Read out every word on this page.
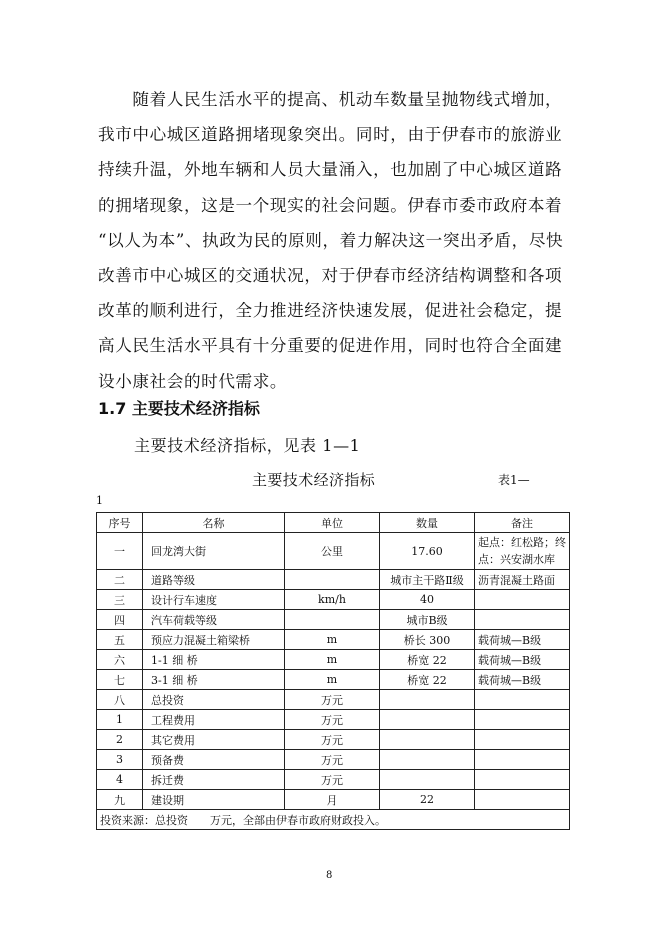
　　随着人民生活水平的提高、机动车数量呈抛物线式增加，

我市中心城区道路拥堵现象突出。同时，由于伊春市的旅游业

持续升温，外地车辆和人员大量涌入，也加剧了中心城区道路

的拥堵现象，这是一个现实的社会问题。伊春市委市政府本着

“以人为本”、执政为民的原则，着力解决这一突出矛盾，尽快

改善市中心城区的交通状况，对于伊春市经济结构调整和各项

改革的顺利进行，全力推进经济快速发展，促进社会稳定，提

高人民生活水平具有十分重要的促进作用，同时也符合全面建

设小康社会的时代需求。

1.7 主要技术经济指标
主要技术经济指标，见表 1—1
主要技术经济指标	表1—
1
序号	名称	单位	数量	备注
一	回龙湾大街	公里	17.60	起点：红松路；终点：兴安湖水库
二	道路等级		城市主干路Ⅱ级	沥青混凝土路面
三	设计行车速度	km/h	40	
四	汽车荷载等级		城市B级	
五	预应力混凝土箱梁桥	m	桥长 300	载荷城—B级
六	1-1 细 桥	m	桥宽 22	载荷城—B级
七	3-1 细 桥	m	桥宽 22	载荷城—B级
八	总投资	万元		
1	工程费用	万元		
2	其它费用	万元		
3	预备费	万元		
4	拆迁费	万元		
九	建设期	月	22	
投资来源：总投资　　万元，全部由伊春市政府财政投入。				
8
